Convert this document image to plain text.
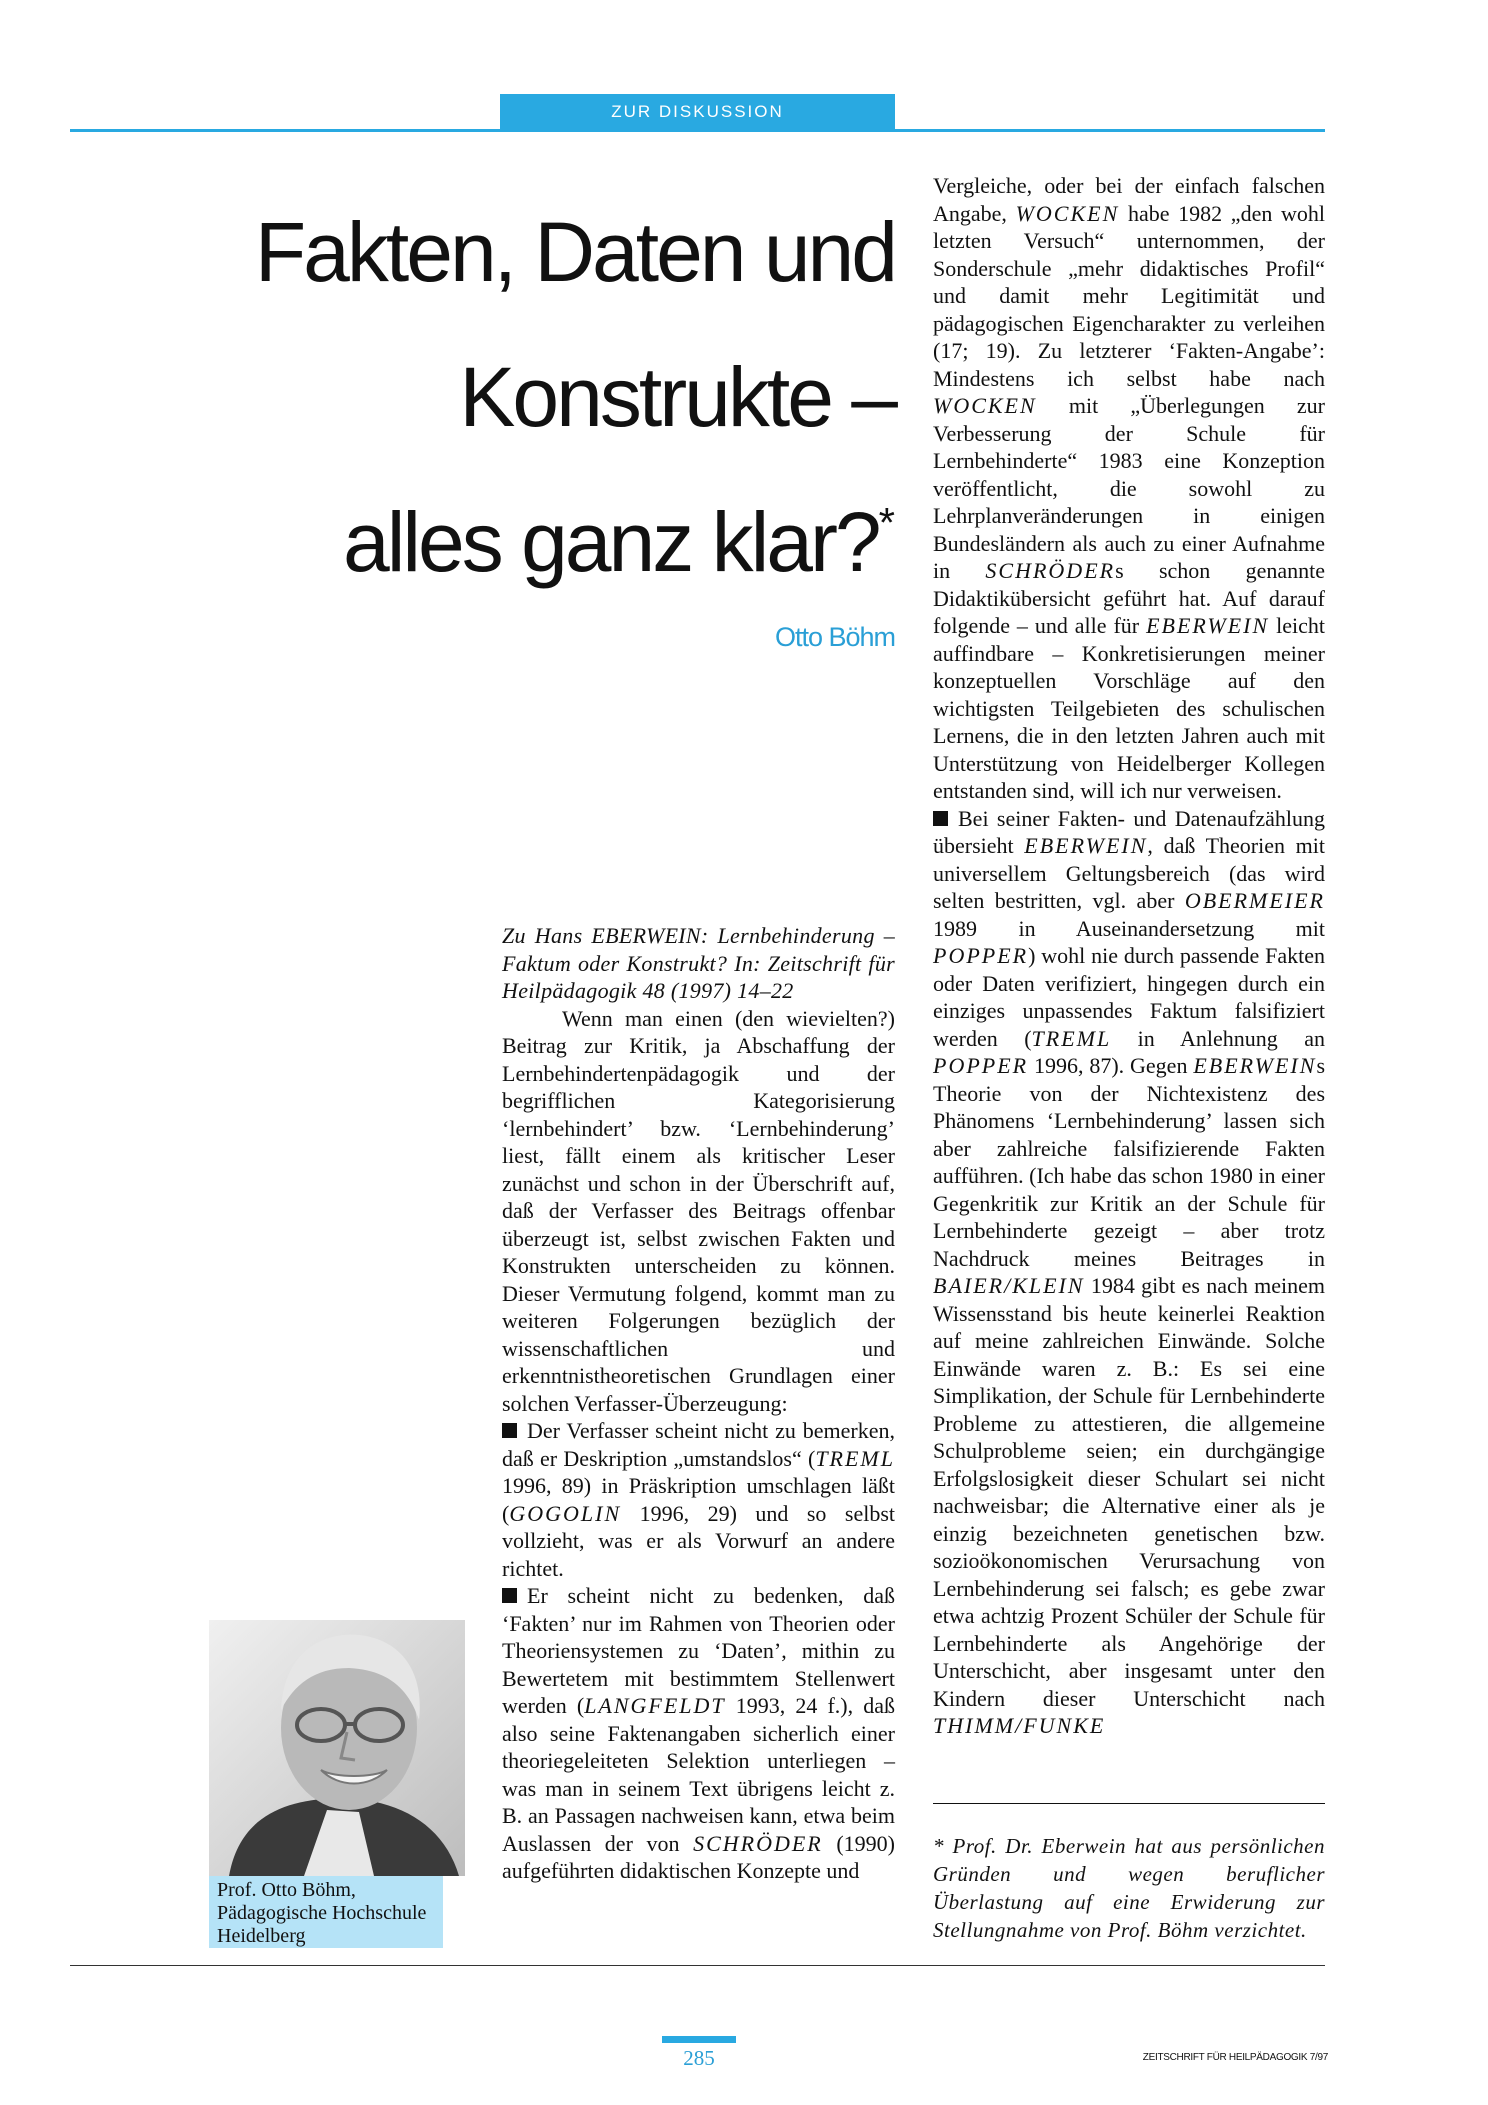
ZUR DISKUSSION
Fakten, Daten und
Konstrukte –
alles ganz klar?*
Otto Böhm

Zu Hans EBERWEIN: Lernbehinderung – Faktum oder Konstrukt? In: Zeitschrift für Heilpädagogik 48 (1997) 14–22

Wenn man einen (den wievielten?) Beitrag zur Kritik, ja Abschaffung der Lernbehindertenpädagogik und der begrifflichen Kategorisierung ‘lernbehindert’ bzw. ‘Lernbehinderung’ liest, fällt einem als kritischer Leser zunächst und schon in der Überschrift auf, daß der Verfasser des Beitrags offenbar überzeugt ist, selbst zwischen Fakten und Konstrukten unterscheiden zu können. Dieser Vermutung folgend, kommt man zu weiteren Folgerungen bezüglich der wissenschaftlichen und erkenntnistheoretischen Grundlagen einer solchen Verfasser-Überzeugung:

Der Verfasser scheint nicht zu bemerken, daß er Deskription „umstandslos“ (TREML 1996, 89) in Präskription umschlagen läßt (GOGOLIN 1996, 29) und so selbst vollzieht, was er als Vorwurf an andere richtet.

Er scheint nicht zu bedenken, daß ‘Fakten’ nur im Rahmen von Theorien oder Theoriensystemen zu ‘Daten’, mithin zu Bewertetem mit bestimmtem Stellenwert werden (LANGFELDT 1993, 24 f.), daß also seine Faktenangaben sicherlich einer theoriegeleiteten Selektion unterliegen – was man in seinem Text übrigens leicht z. B. an Passagen nachweisen kann, etwa beim Auslassen der von SCHRÖDER (1990) aufgeführten didaktischen Konzepte und

Vergleiche, oder bei der einfach falschen Angabe, WOCKEN habe 1982 „den wohl letzten Versuch“ unternommen, der Sonderschule „mehr didaktisches Profil“ und damit mehr Legitimität und pädagogischen Eigencharakter zu verleihen (17; 19). Zu letzterer ‘Fakten-Angabe’: Mindestens ich selbst habe nach WOCKEN mit „Überlegungen zur Verbesserung der Schule für Lernbehinderte“ 1983 eine Konzeption veröffentlicht, die sowohl zu Lehrplanveränderungen in einigen Bundesländern als auch zu einer Aufnahme in SCHRÖDERs schon genannte Didaktikübersicht geführt hat. Auf darauf folgende – und alle für EBERWEIN leicht auffindbare – Konkretisierungen meiner konzeptuellen Vorschläge auf den wichtigsten Teilgebieten des schulischen Lernens, die in den letzten Jahren auch mit Unterstützung von Heidelberger Kollegen entstanden sind, will ich nur verweisen.

Bei seiner Fakten- und Datenaufzählung übersieht EBERWEIN, daß Theorien mit universellem Geltungsbereich (das wird selten bestritten, vgl. aber OBERMEIER 1989 in Auseinandersetzung mit POPPER) wohl nie durch passende Fakten oder Daten verifiziert, hingegen durch ein einziges unpassendes Faktum falsifiziert werden (TREML in Anlehnung an POPPER 1996, 87). Gegen EBERWEINs Theorie von der Nichtexistenz des Phänomens ‘Lernbehinderung’ lassen sich aber zahlreiche falsifizierende Fakten aufführen. (Ich habe das schon 1980 in einer Gegenkritik zur Kritik an der Schule für Lernbehinderte gezeigt – aber trotz Nachdruck meines Beitrages in BAIER/KLEIN 1984 gibt es nach meinem Wissensstand bis heute keinerlei Reaktion auf meine zahlreichen Einwände. Solche Einwände waren z. B.: Es sei eine Simplikation, der Schule für Lernbehinderte Probleme zu attestieren, die allgemeine Schulprobleme seien; ein durchgängige Erfolgslosigkeit dieser Schulart sei nicht nachweisbar; die Alternative einer als je einzig bezeichneten genetischen bzw. sozioökonomischen Verursachung von Lernbehinderung sei falsch; es gebe zwar etwa achtzig Prozent Schüler der Schule für Lernbehinderte als Angehörige der Unterschicht, aber insgesamt unter den Kindern dieser Unterschicht nach THIMM/FUNKE

* Prof. Dr. Eberwein hat aus persönlichen Gründen und wegen beruflicher Überlastung auf eine Erwiderung zur Stellungnahme von Prof. Böhm verzichtet.

Prof. Otto Böhm,
Pädagogische Hochschule
Heidelberg
285	ZEITSCHRIFT FÜR HEILPÄDAGOGIK 7/97
